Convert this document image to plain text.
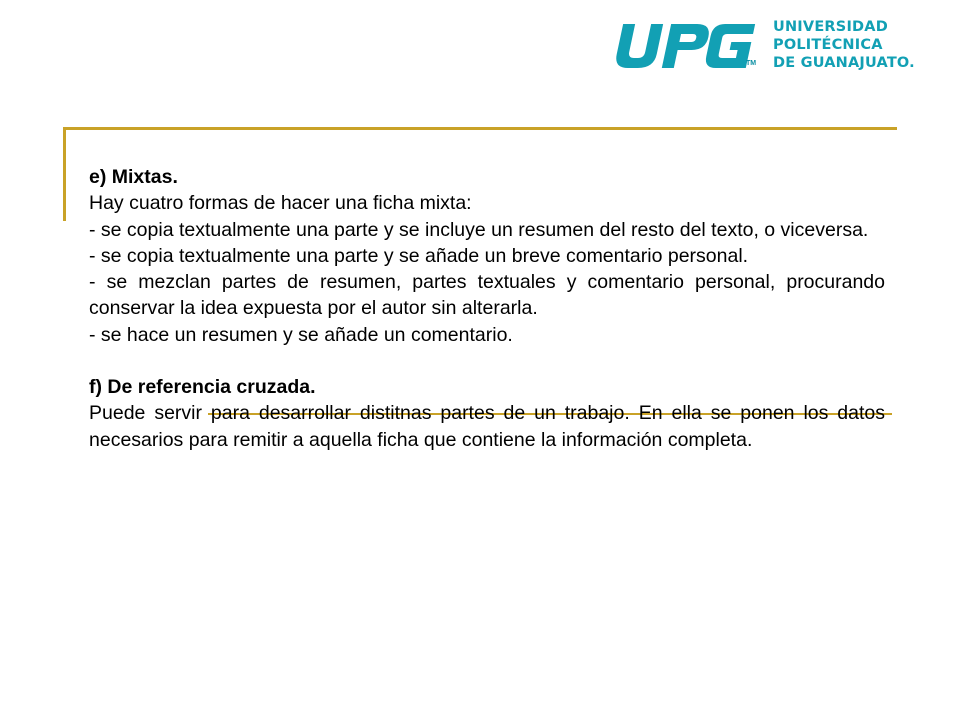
TM
UNIVERSIDAD
POLITÉCNICA
DE GUANAJUATO.

e) Mixtas.

Hay cuatro formas de hacer una ficha mixta:

- se copia textualmente una parte y se incluye un resumen del resto del texto, o viceversa.

- se copia textualmente una parte y se añade un breve comentario personal.

- se mezclan partes de resumen, partes textuales y comentario personal, procurando conservar la idea expuesta por el autor sin alterarla.

- se hace un resumen y se añade un comentario.

f) De referencia cruzada.

Puede servir para desarrollar distitnas partes de un trabajo. En ella se ponen los datos necesarios para remitir a aquella ficha que contiene la información completa.
